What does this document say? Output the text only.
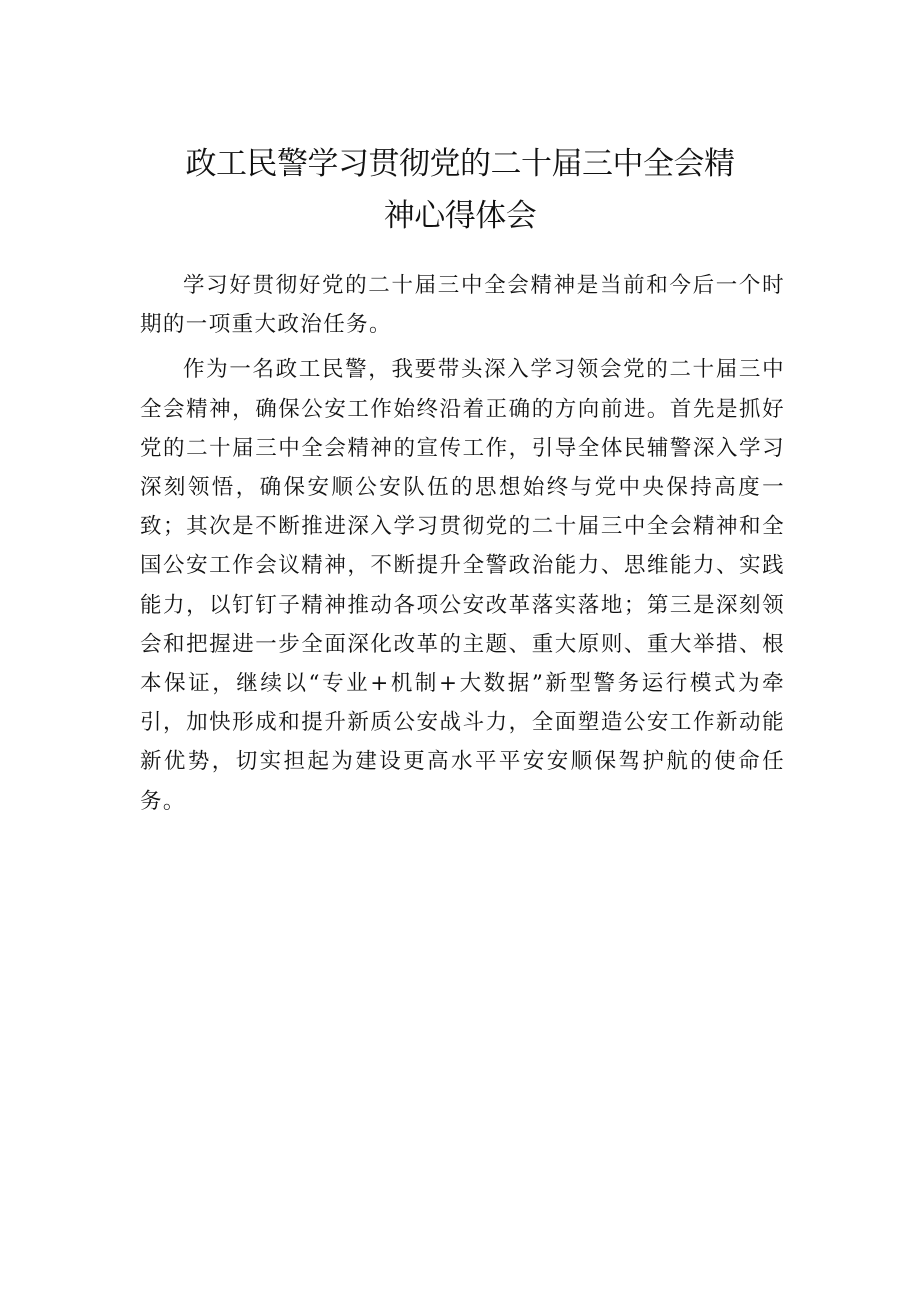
政工民警学习贯彻党的二十届三中全会精
神心得体会

学习好贯彻好党的二十届三中全会精神是当前和今后一个时期的一项重大政治任务。

作为一名政工民警，我要带头深入学习领会党的二十届三中全会精神，确保公安工作始终沿着正确的方向前进。首先是抓好党的二十届三中全会精神的宣传工作，引导全体民辅警深入学习深刻领悟，确保安顺公安队伍的思想始终与党中央保持高度一致；其次是不断推进深入学习贯彻党的二十届三中全会精神和全国公安工作会议精神，不断提升全警政治能力、思维能力、实践能力，以钉钉子精神推动各项公安改革落实落地；第三是深刻领会和把握进一步全面深化改革的主题、重大原则、重大举措、根本保证，继续以“专业+机制+大数据”新型警务运行模式为牵引，加快形成和提升新质公安战斗力，全面塑造公安工作新动能新优势，切实担起为建设更高水平平安安顺保驾护航的使命任务。
